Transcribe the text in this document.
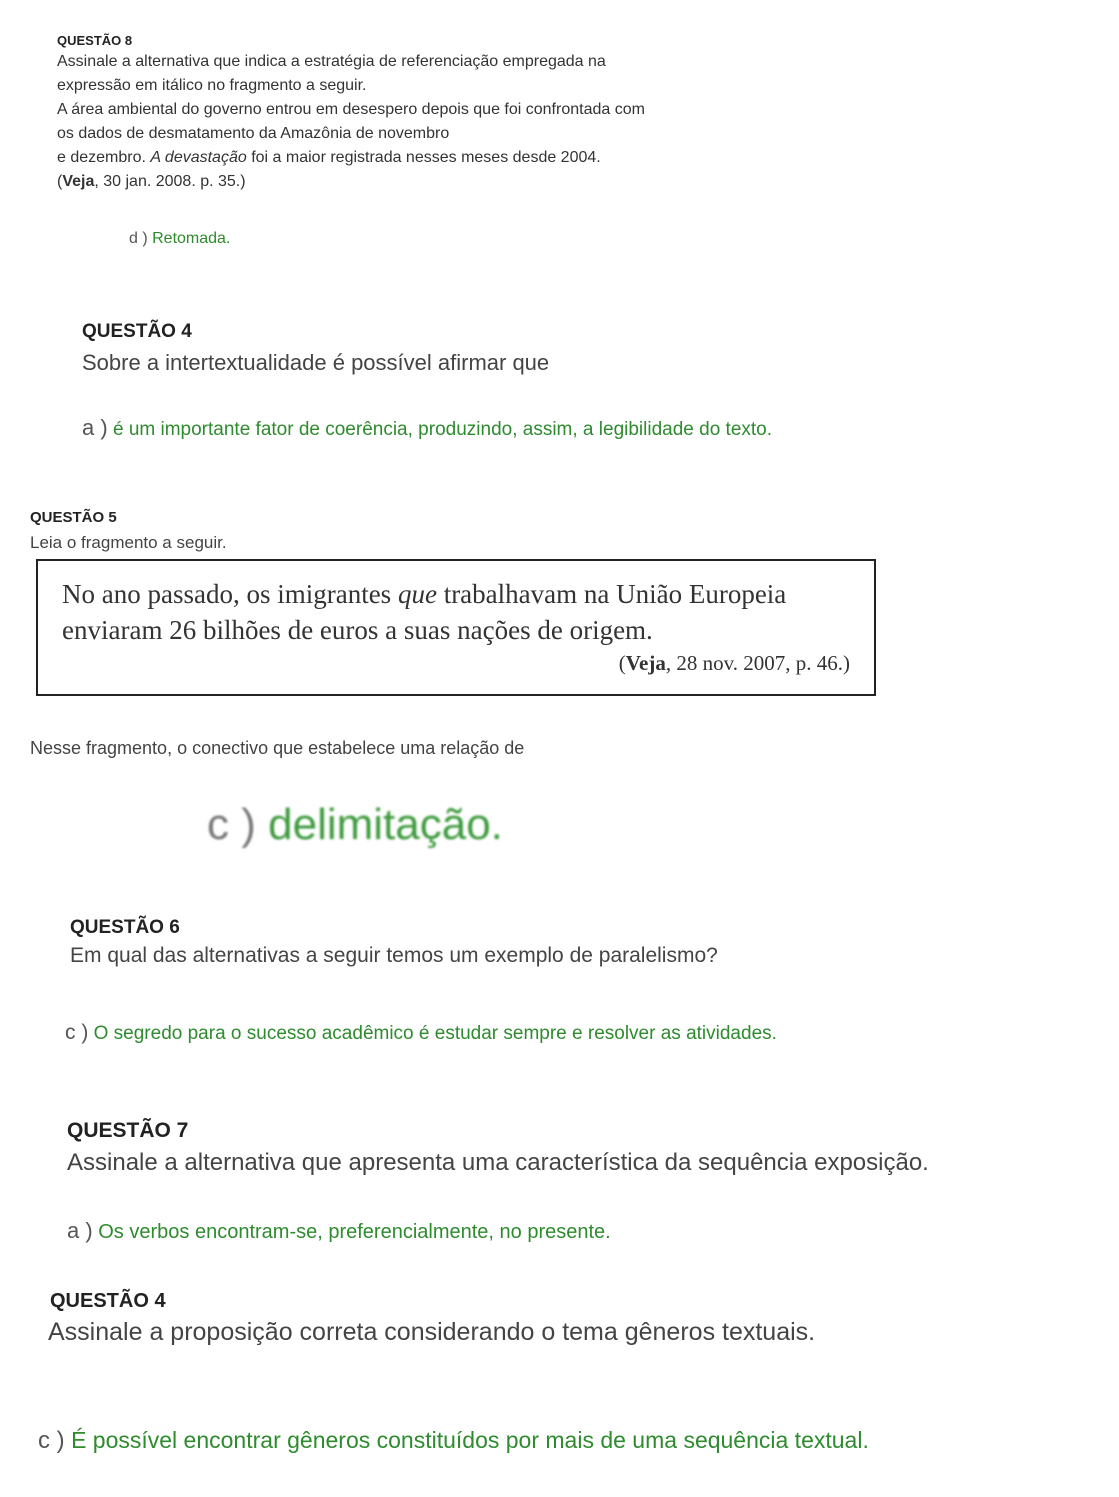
QUESTÃO 8
Assinale a alternativa que indica a estratégia de referenciação empregada na
expressão em itálico no fragmento a seguir.
A área ambiental do governo entrou em desespero depois que foi confrontada com
os dados de desmatamento da Amazônia de novembro
e dezembro. A devastação foi a maior registrada nesses meses desde 2004.
(Veja, 30 jan. 2008. p. 35.)
d ) Retomada.
QUESTÃO 4
Sobre a intertextualidade é possível afirmar que
a ) é um importante fator de coerência, produzindo, assim, a legibilidade do texto.
QUESTÃO 5
Leia o fragmento a seguir.
No ano passado, os imigrantes que trabalhavam na União Europeia
enviaram 26 bilhões de euros a suas nações de origem.
(Veja, 28 nov. 2007, p. 46.)
Nesse fragmento, o conectivo que estabelece uma relação de
c ) delimitação.
QUESTÃO 6
Em qual das alternativas a seguir temos um exemplo de paralelismo?
c ) O segredo para o sucesso acadêmico é estudar sempre e resolver as atividades.
QUESTÃO 7
Assinale a alternativa que apresenta uma característica da sequência exposição.
a ) Os verbos encontram-se, preferencialmente, no presente.
QUESTÃO 4
Assinale a proposição correta considerando o tema gêneros textuais.
c ) É possível encontrar gêneros constituídos por mais de uma sequência textual.
